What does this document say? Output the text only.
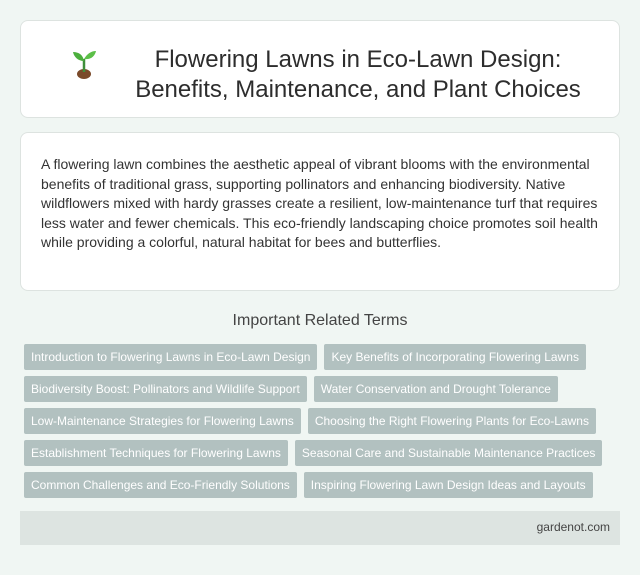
Flowering Lawns in Eco-Lawn Design: Benefits, Maintenance, and Plant Choices

A flowering lawn combines the aesthetic appeal of vibrant blooms with the environmental benefits of traditional grass, supporting pollinators and enhancing biodiversity. Native wildflowers mixed with hardy grasses create a resilient, low-maintenance turf that requires less water and fewer chemicals. This eco-friendly landscaping choice promotes soil health while providing a colorful, natural habitat for bees and butterflies.

Important Related Terms
Introduction to Flowering Lawns in Eco-Lawn Design	Key Benefits of Incorporating Flowering Lawns
Biodiversity Boost: Pollinators and Wildlife Support	Water Conservation and Drought Tolerance
Low-Maintenance Strategies for Flowering Lawns	Choosing the Right Flowering Plants for Eco-Lawns
Establishment Techniques for Flowering Lawns	Seasonal Care and Sustainable Maintenance Practices
Common Challenges and Eco-Friendly Solutions	Inspiring Flowering Lawn Design Ideas and Layouts
gardenot.com
